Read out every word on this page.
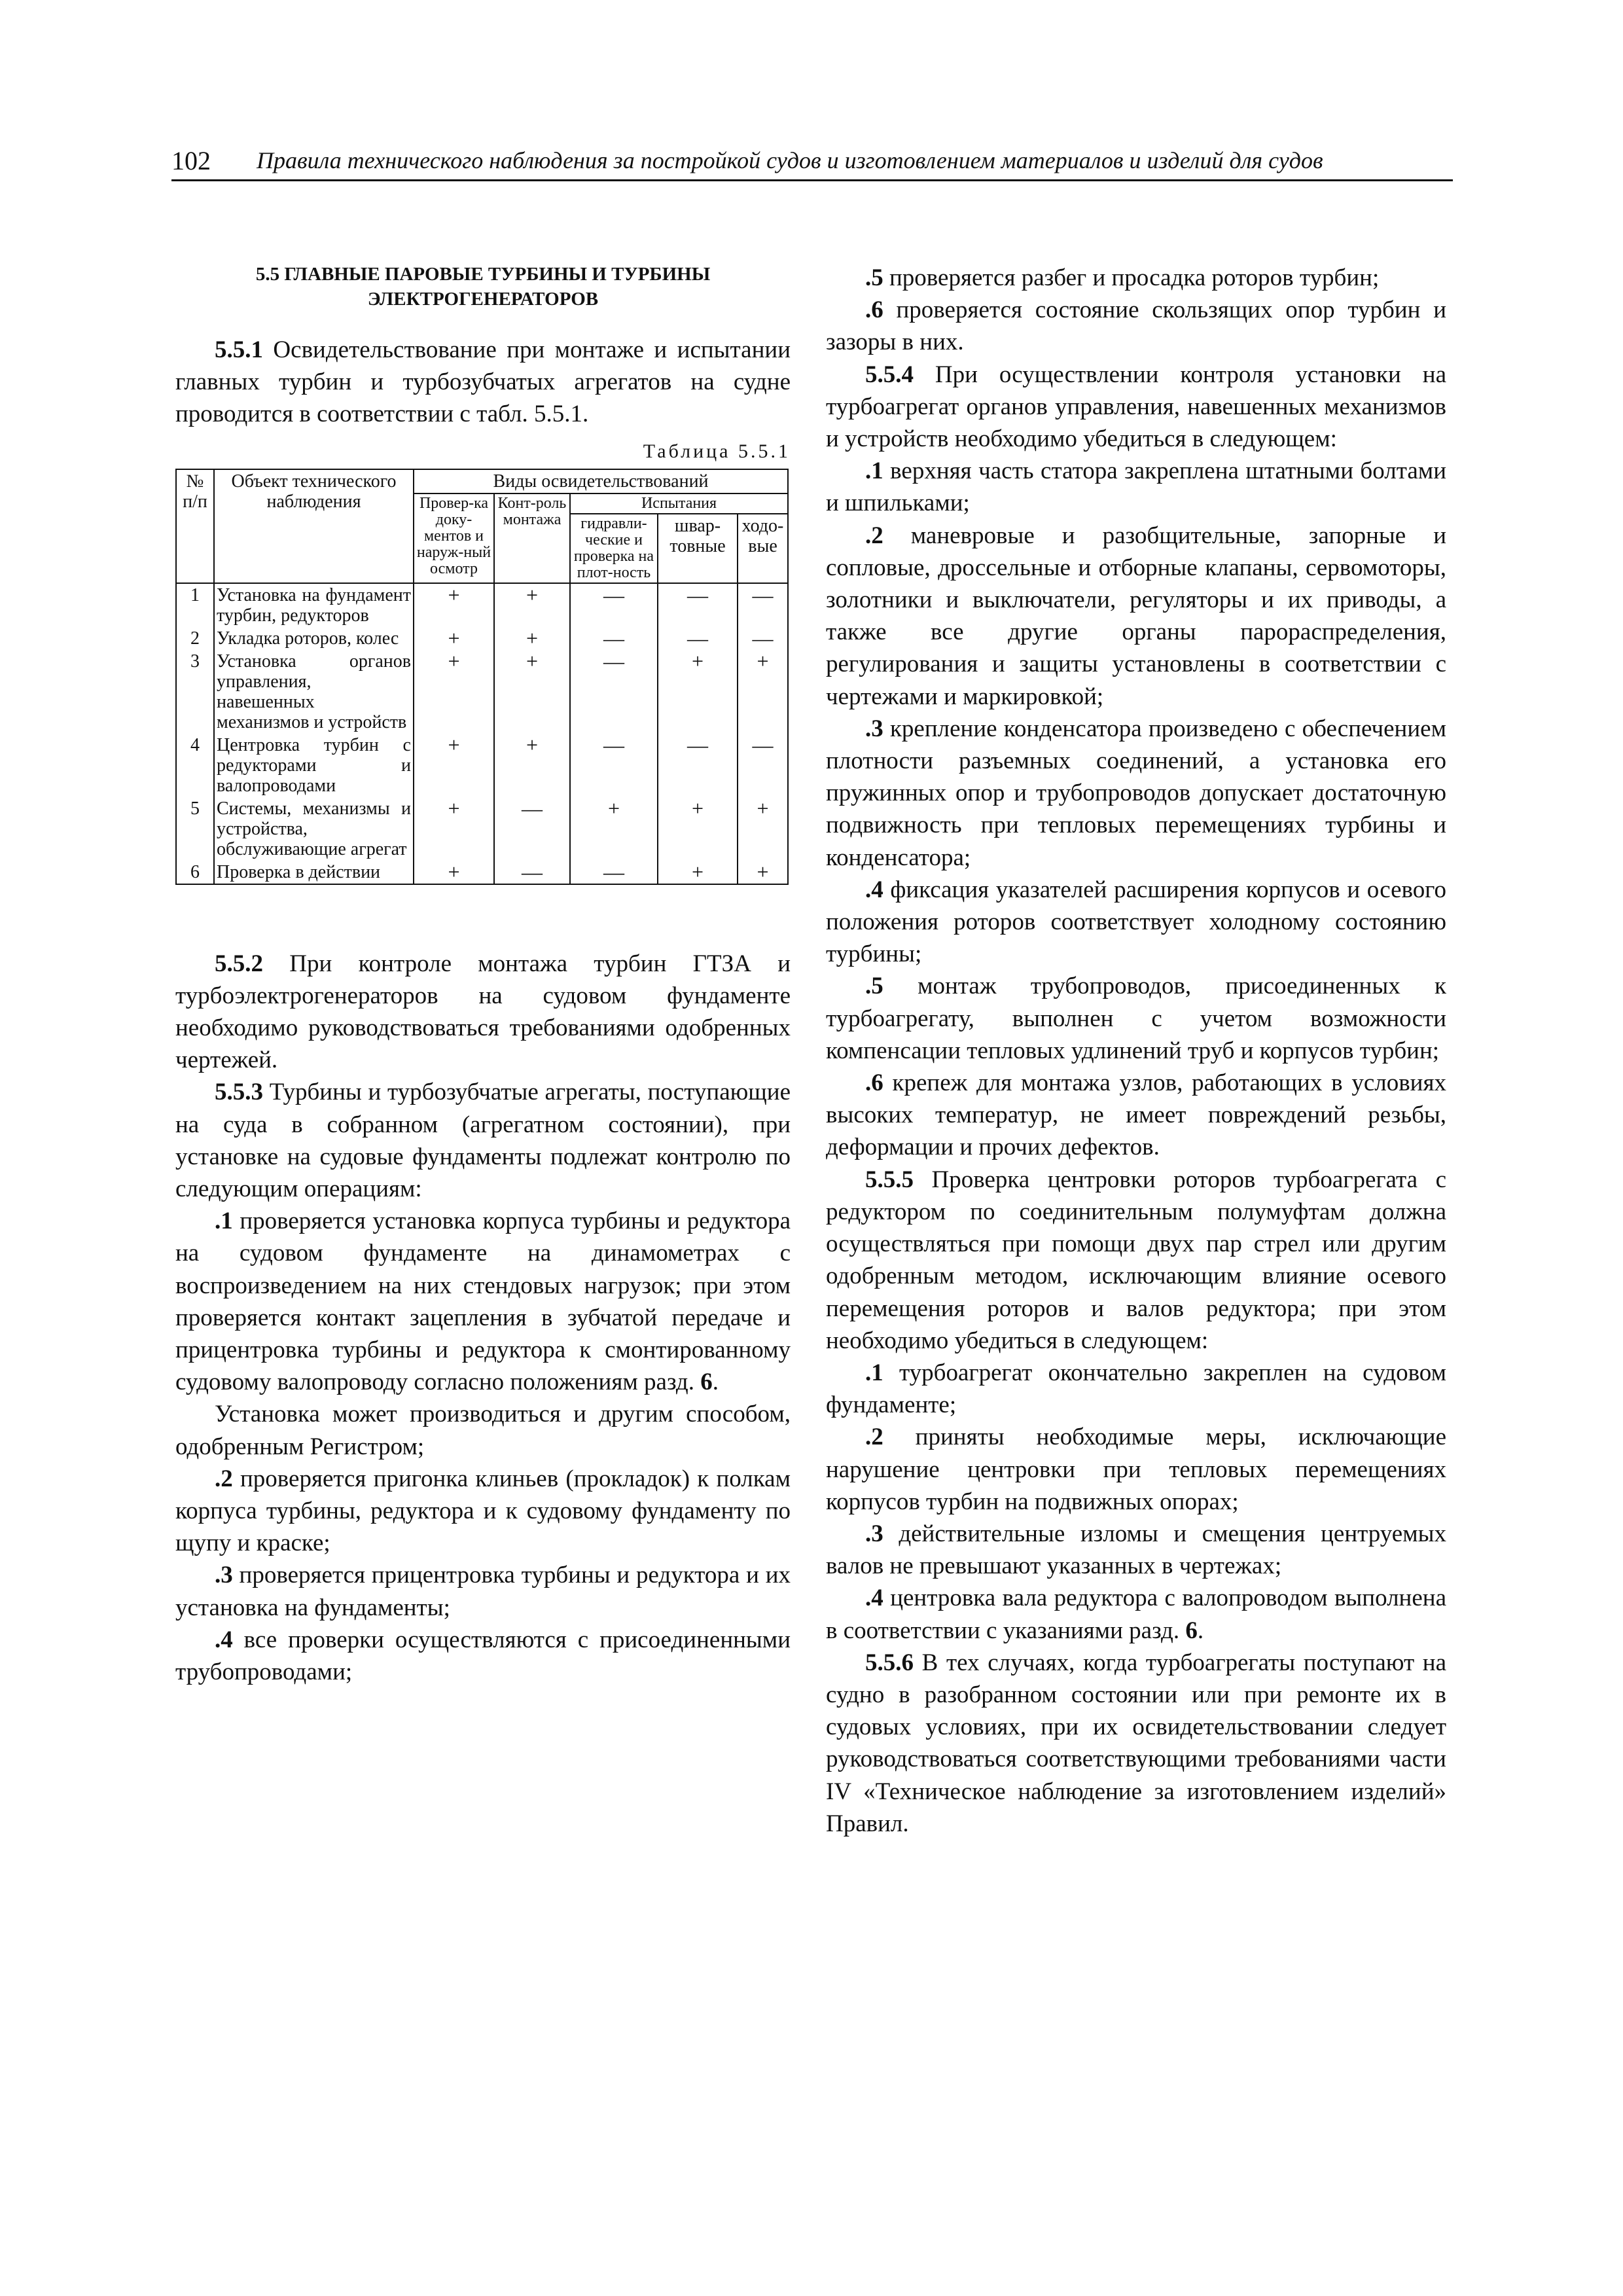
102 Правила технического наблюдения за постройкой судов и изготовлением материалов и изделий для судов
5.5 ГЛАВНЫЕ ПАРОВЫЕ ТУРБИНЫ И ТУРБИНЫ
ЭЛЕКТРОГЕНЕРАТОРОВ

5.5.1 Освидетельствование при монтаже и испытании главных турбин и турбозубчатых агрегатов на судне проводится в соответствии с табл. 5.5.1.

Таблица 5.5.1
№ п/п	Объект технического наблюдения	Виды освидетельствований				
		Провер-ка доку-ментов и наруж-ный осмотр	Конт-роль монтажа	Испытания		
				гидравли-ческие и проверка на плот-ность	швар-товные	ходо-вые
1	Установка на фундамент турбин, редукторов	+	+	—	—	—
2	Укладка роторов, колес	+	+	—	—	—
3	Установка органов управления, навешенных механизмов и устройств	+	+	—	+	+
4	Центровка турбин с редукторами и валопроводами	+	+	—	—	—
5	Системы, механизмы и устройства, обслуживающие агрегат	+	—	+	+	+
6	Проверка в действии	+	—	—	+	+

5.5.2 При контроле монтажа турбин ГТЗА и турбоэлектрогенераторов на судовом фундаменте необходимо руководствоваться требованиями одобренных чертежей.

5.5.3 Турбины и турбозубчатые агрегаты, поступающие на суда в собранном (агрегатном состоянии), при установке на судовые фундаменты подлежат контролю по следующим операциям:

.1 проверяется установка корпуса турбины и редуктора на судовом фундаменте на динамометрах с воспроизведением на них стендовых нагрузок; при этом проверяется контакт зацепления в зубчатой передаче и прицентровка турбины и редуктора к смонтированному судовому валопроводу согласно положениям разд. 6.

Установка может производиться и другим способом, одобренным Регистром;

.2 проверяется пригонка клиньев (прокладок) к полкам корпуса турбины, редуктора и к судовому фундаменту по щупу и краске;

.3 проверяется прицентровка турбины и редуктора и их установка на фундаменты;

.4 все проверки осуществляются с присоединенными трубопроводами;

.5 проверяется разбег и просадка роторов турбин;

.6 проверяется состояние скользящих опор турбин и зазоры в них.

5.5.4 При осуществлении контроля установки на турбоагрегат органов управления, навешенных механизмов и устройств необходимо убедиться в следующем:

.1 верхняя часть статора закреплена штатными болтами и шпильками;

.2 маневровые и разобщительные, запорные и сопловые, дроссельные и отборные клапаны, сервомоторы, золотники и выключатели, регуляторы и их приводы, а также все другие органы парораспределения, регулирования и защиты установлены в соответствии с чертежами и маркировкой;

.3 крепление конденсатора произведено с обеспечением плотности разъемных соединений, а установка его пружинных опор и трубопроводов допускает достаточную подвижность при тепловых перемещениях турбины и конденсатора;

.4 фиксация указателей расширения корпусов и осевого положения роторов соответствует холодному состоянию турбины;

.5 монтаж трубопроводов, присоединенных к турбоагрегату, выполнен с учетом возможности компенсации тепловых удлинений труб и корпусов турбин;

.6 крепеж для монтажа узлов, работающих в условиях высоких температур, не имеет повреждений резьбы, деформации и прочих дефектов.

5.5.5 Проверка центровки роторов турбоагрегата с редуктором по соединительным полумуфтам должна осуществляться при помощи двух пар стрел или другим одобренным методом, исключающим влияние осевого перемещения роторов и валов редуктора; при этом необходимо убедиться в следующем:

.1 турбоагрегат окончательно закреплен на судовом фундаменте;

.2 приняты необходимые меры, исключающие нарушение центровки при тепловых перемещениях корпусов турбин на подвижных опорах;

.3 действительные изломы и смещения центруемых валов не превышают указанных в чертежах;

.4 центровка вала редуктора с валопроводом выполнена в соответствии с указаниями разд. 6.

5.5.6 В тех случаях, когда турбоагрегаты поступают на судно в разобранном состоянии или при ремонте их в судовых условиях, при их освидетельствовании следует руководствоваться соответствующими требованиями части IV «Техническое наблюдение за изготовлением изделий» Правил.
